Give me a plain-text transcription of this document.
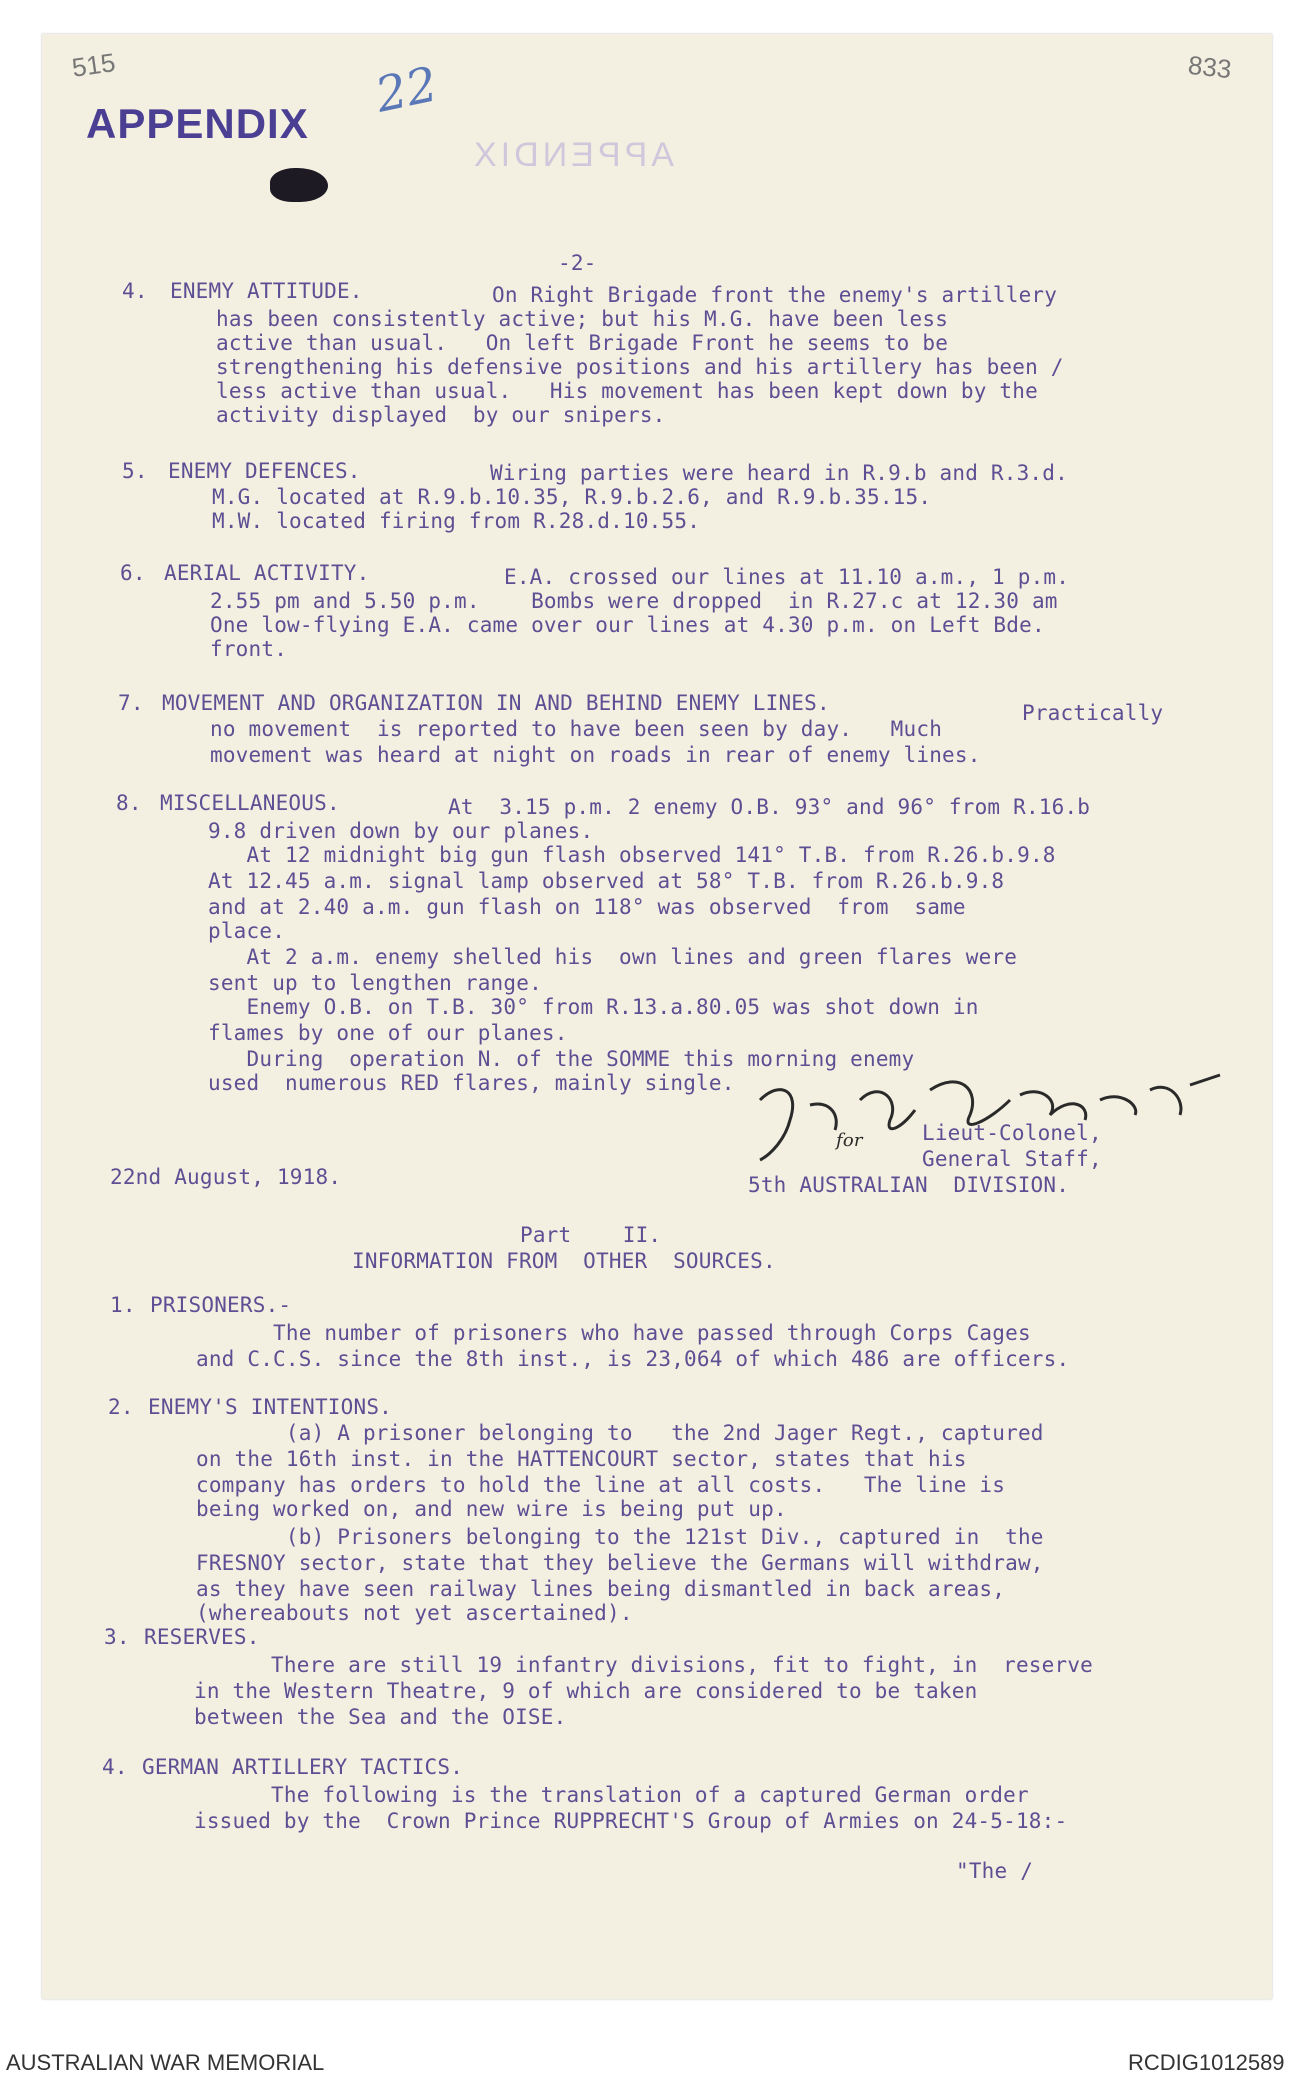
515	833
APPENDIX 22
APPENDIX
-2-
4. ENEMY ATTITUDE.	On Right Brigade front the enemy's artillery
has been consistently active; but his M.G. have been less
active than usual.   On left Brigade Front he seems to be
strengthening his defensive positions and his artillery has been /
less active than usual.   His movement has been kept down by the
activity displayed  by our snipers.
5. ENEMY DEFENCES.	Wiring parties were heard in R.9.b and R.3.d.
M.G. located at R.9.b.10.35, R.9.b.2.6, and R.9.b.35.15.
M.W. located firing from R.28.d.10.55.
6. AERIAL ACTIVITY.	E.A. crossed our lines at 11.10 a.m., 1 p.m.
2.55 pm and 5.50 p.m.    Bombs were dropped  in R.27.c at 12.30 am
One low-flying E.A. came over our lines at 4.30 p.m. on Left Bde.
front.
7. MOVEMENT AND ORGANIZATION IN AND BEHIND ENEMY LINES.	Practically
no movement  is reported to have been seen by day.   Much
movement was heard at night on roads in rear of enemy lines.
8. MISCELLANEOUS.	At  3.15 p.m. 2 enemy O.B. 93° and 96° from R.16.b
9.8 driven down by our planes.
At 12 midnight big gun flash observed 141° T.B. from R.26.b.9.8
At 12.45 a.m. signal lamp observed at 58° T.B. from R.26.b.9.8
and at 2.40 a.m. gun flash on 118° was observed  from  same
place.
At 2 a.m. enemy shelled his  own lines and green flares were
sent up to lengthen range.
Enemy O.B. on T.B. 30° from R.13.a.80.05 was shot down in
flames by one of our planes.
During  operation N. of the SOMME this morning enemy
used  numerous RED flares, mainly single.
for	Lieut-Colonel,
General Staff,
5th AUSTRALIAN  DIVISION.
22nd August, 1918.
Part    II.
INFORMATION FROM  OTHER  SOURCES.
1. PRISONERS.-
The number of prisoners who have passed through Corps Cages
and C.C.S. since the 8th inst., is 23,064 of which 486 are officers.
2. ENEMY'S INTENTIONS.
(a) A prisoner belonging to   the 2nd Jager Regt., captured
on the 16th inst. in the HATTENCOURT sector, states that his
company has orders to hold the line at all costs.   The line is
being worked on, and new wire is being put up.
(b) Prisoners belonging to the 121st Div., captured in  the
FRESNOY sector, state that they believe the Germans will withdraw,
as they have seen railway lines being dismantled in back areas,
(whereabouts not yet ascertained).
3. RESERVES.
There are still 19 infantry divisions, fit to fight, in  reserve
in the Western Theatre, 9 of which are considered to be taken
between the Sea and the OISE.
4. GERMAN ARTILLERY TACTICS.
The following is the translation of a captured German order
issued by the  Crown Prince RUPPRECHT'S Group of Armies on 24-5-18:-
"The /
AUSTRALIAN WAR MEMORIAL	RCDIG1012589
